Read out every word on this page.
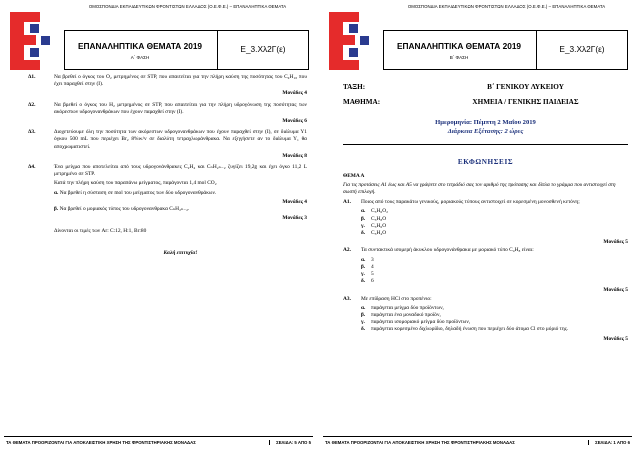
ΟΜΟΣΠΟΝΔΙΑ ΕΚΠΑΙΔΕΥΤΙΚΩΝ ΦΡΟΝΤΙΣΤΩΝ ΕΛΛΑΔΟΣ (Ο.Ε.Φ.Ε.) – ΕΠΑΝΑΛΗΠΤΙΚΑ ΘΕΜΑΤΑ
ΕΠΑΝΑΛΗΠΤΙΚΑ ΘΕΜΑΤΑ 2019
Α΄ ΦΑΣΗ
Ε_3.Χλ2Γ(ε)
Δ1.	Να βρεθεί ο όγκος του O₂ μετρημένος σε STP, που απαιτείται για την πλήρη καύση της ποσότητας του C₄H₁₀ που έχει παραχθεί στην (Ι).

Μονάδες 4
Δ2.	Να βρεθεί ο όγκος του H₂ μετρημένος σε STP, που απαιτείται για την πλήρη υδρογόνωση της ποσότητας των ακόρεστων υδρογονανθράκων που έχουν παραχθεί στην (Ι).

Μονάδες 6
Δ3.	Διοχετεύουμε όλη την ποσότητα των ακόρεστων υδρογονανθράκων που έχουν παραχθεί στην (Ι), σε διάλυμα Υ1 όγκου 500 mL που περιέχει Br₂ 8%w/v σε διαλύτη τετραχλωράνθρακα. Να εξηγήσετε αν το διάλυμα Υ₁ θα αποχρωματιστεί.

Μονάδες 8
Δ4.	Ένα μείγμα που αποτελείται από τους υδρογονάνθρακες C₂H₄ και CₙH₂ₙ₋₂ ζυγίζει 19,2g και έχει όγκο 11,2 L μετρημένο σε STP.

Κατά την πλήρη καύση του παραπάνω μείγματος, παράγονται 1,4 mol CO₂

α. Να βρεθεί η σύσταση σε mol του μείγματος των δύο υδρογονανθράκων.

Μονάδες 4

β. Να βρεθεί ο μοριακός τύπος του υδρογονανθρακα CₙH₂ₙ₋₂.

Μονάδες 3

Δίνονται οι τιμές των Ar: C:12, H:1, Br:80

Καλή επιτυχία!
ΤΑ ΘΕΜΑΤΑ ΠΡΟΟΡΙΖΟΝΤΑΙ ΓΙΑ ΑΠΟΚΛΕΙΣΤΙΚΗ ΧΡΗΣΗ ΤΗΣ ΦΡΟΝΤΙΣΤΗΡΙΑΚΗΣ ΜΟΝΑΔΑΣ	ΣΕΛΙΔΑ: 5 ΑΠΟ 5
ΟΜΟΣΠΟΝΔΙΑ ΕΚΠΑΙΔΕΥΤΙΚΩΝ ΦΡΟΝΤΙΣΤΩΝ ΕΛΛΑΔΟΣ (Ο.Ε.Φ.Ε.) – ΕΠΑΝΑΛΗΠΤΙΚΑ ΘΕΜΑΤΑ
ΕΠΑΝΑΛΗΠΤΙΚΑ ΘΕΜΑΤΑ 2019
Β΄ ΦΑΣΗ
Ε_3.Χλ2Γ(ε)
ΤΑΞΗ:	Β΄ ΓΕΝΙΚΟΥ ΛΥΚΕΙΟΥ
ΜΑΘΗΜΑ:	ΧΗΜΕΙΑ / ΓΕΝΙΚΗΣ ΠΑΙΔΕΙΑΣ
Ημερομηνία: Πέμπτη 2 Μαΐου 2019
Διάρκεια Εξέτασης: 2 ώρες
ΕΚΦΩΝΗΣΕΙΣ
ΘΕΜΑ Α

Για τις προτάσεις Α1 έως και Α5 να γράψετε στο τετράδιό σας τον αριθμό της πρότασης και δίπλα το γράμμα που αντιστοιχεί στη σωστή επιλογή.

Α1.	Ποιος από τους παρακάτω γενικούς, μοριακούς τύπους αντιστοιχεί σε κορεσμένη μονοσθενή κετόνη;

α.	C₃H₆O₂
β.	C₃H₈O
γ.	C₃H₆O
δ.	C₃H₄O
Μονάδες 5
Α2.	Τα συντακτικά ισομερή άκυκλου υδρογονάνθρακα με μοριακό τύπο C₄H₈ είναι:

α.	3
β.	4
γ.	5
δ.	6
Μονάδες 5
Α3.	Με επίδραση HCl στο προπένιο:

α.	παράγεται μείγμα δύο προϊόντων,
β.	παράγεται ένα μοναδικό προϊόν,
γ.	παράγεται ισομοριακό μείγμα δύο προϊόντων,
δ.	παράγεται κορεσμένο διχλωρίδιο, δηλαδή ένωση που περιέχει δύο άτομα Cl στο μόριό της.
Μονάδες 5
ΤΑ ΘΕΜΑΤΑ ΠΡΟΟΡΙΖΟΝΤΑΙ ΓΙΑ ΑΠΟΚΛΕΙΣΤΙΚΗ ΧΡΗΣΗ ΤΗΣ ΦΡΟΝΤΙΣΤΗΡΙΑΚΗΣ ΜΟΝΑΔΑΣ	ΣΕΛΙΔΑ: 1 ΑΠΟ 6
